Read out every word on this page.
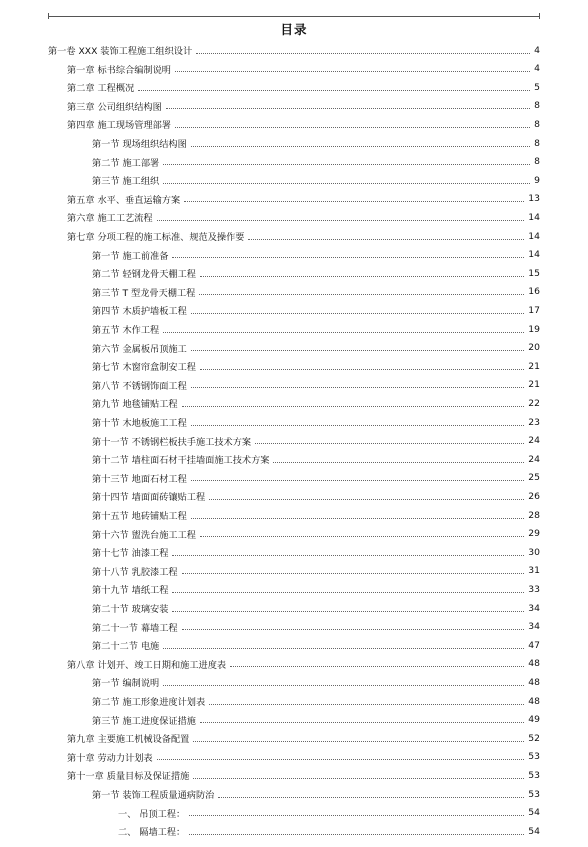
目录
第一卷 XXX 装饰工程施工组织设计	4
第一章 标书综合编制说明	4
第二章 工程概况	5
第三章 公司组织结构图	8
第四章 施工现场管理部署	8
第一节 现场组织结构图	8
第二节 施工部署	8
第三节 施工组织	9
第五章 水平、垂直运输方案	13
第六章 施工工艺流程	14
第七章 分项工程的施工标准、规范及操作要	14
第一节 施工前准备	14
第二节 轻钢龙骨天棚工程	15
第三节 T 型龙骨天棚工程	16
第四节 木质护墙板工程	17
第五节 木作工程	19
第六节 金属板吊顶施工	20
第七节 木窗帘盒制安工程	21
第八节 不锈钢饰面工程	21
第九节 地毯铺贴工程	22
第十节 木地板施工工程	23
第十一节 不锈钢栏板扶手施工技术方案	24
第十二节 墙柱面石材干挂墙面施工技术方案	24
第十三节 地面石材工程	25
第十四节 墙面面砖镶贴工程	26
第十五节 地砖铺贴工程	28
第十六节 盥洗台施工工程	29
第十七节 油漆工程	30
第十八节 乳胶漆工程	31
第十九节 墙纸工程	33
第二十节 玻璃安装	34
第二十一节 幕墙工程	34
第二十二节 电施	47
第八章 计划开、竣工日期和施工进度表	48
第一节 编制说明	48
第二节 施工形象进度计划表	48
第三节 施工进度保证措施	49
第九章 主要施工机械设备配置	52
第十章 劳动力计划表	53
第十一章 质量目标及保证措施	53
第一节 装饰工程质量通病防治	53
一、 吊顶工程：	54
二、 隔墙工程：	54
